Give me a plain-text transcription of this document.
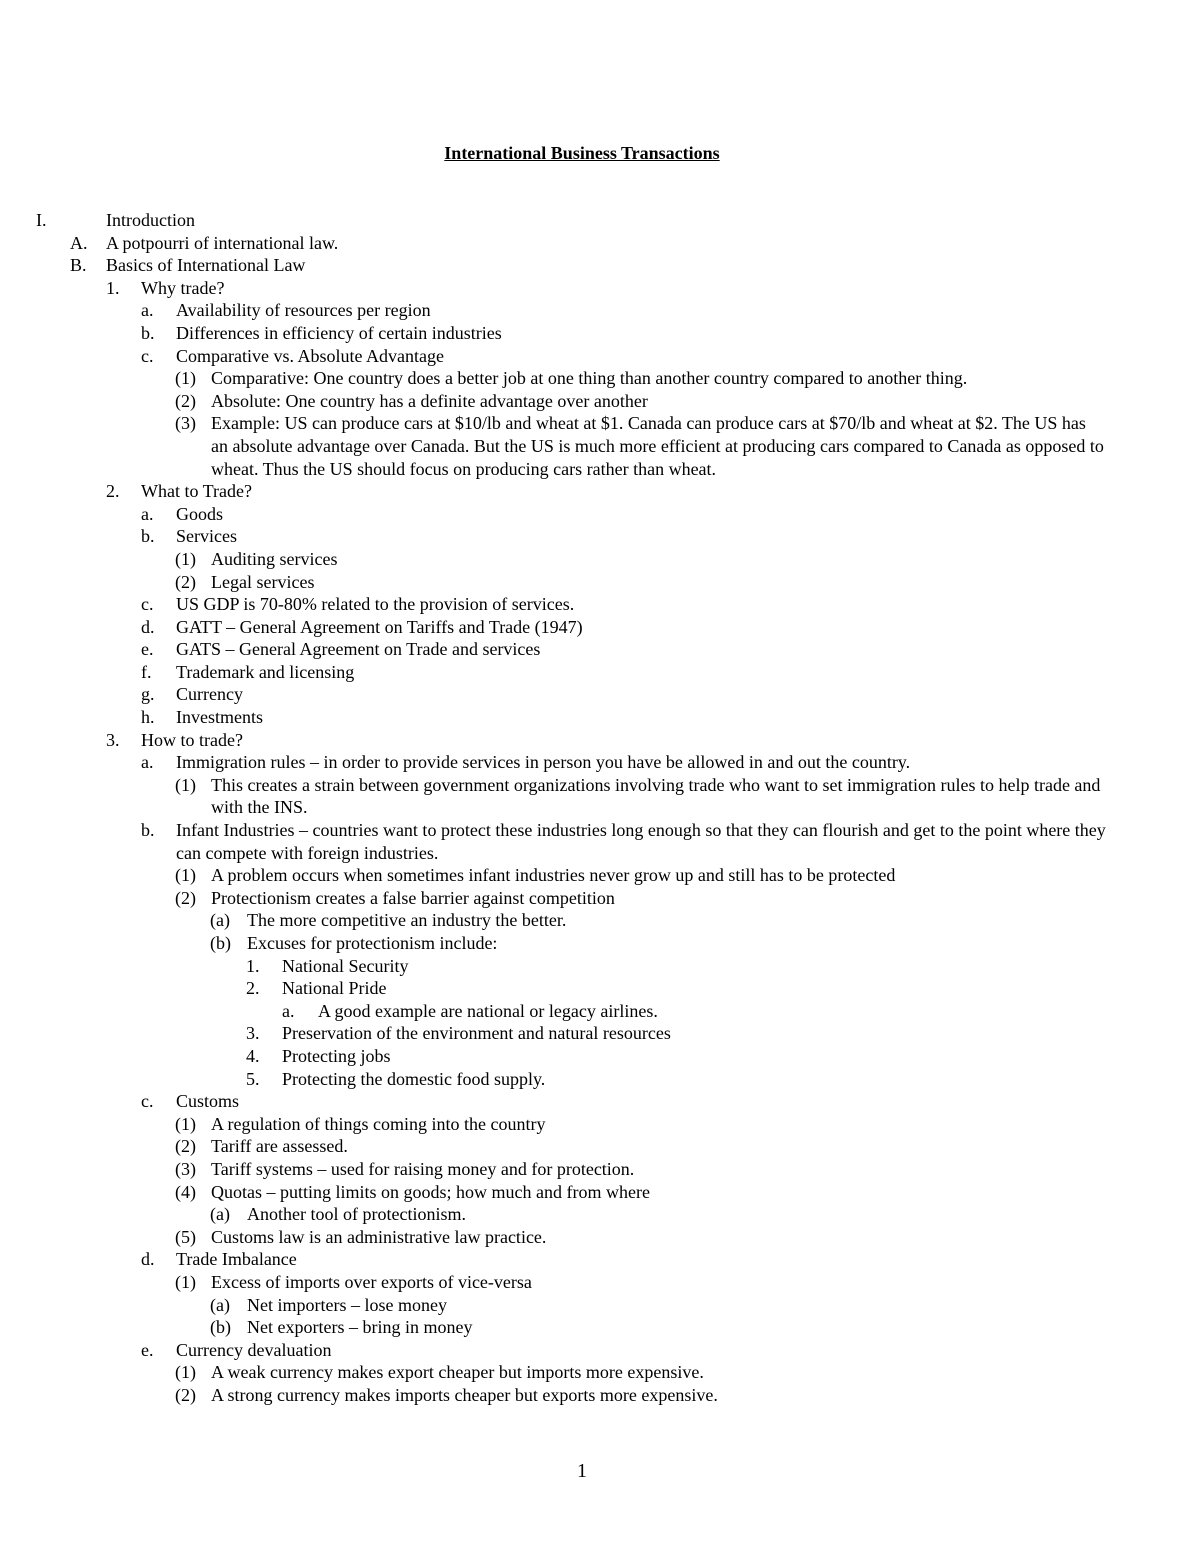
International Business Transactions
I.	Introduction
A. A potpourri of international law.
B. Basics of International Law
1. Why trade?
a. Availability of resources per region
b. Differences in efficiency of certain industries
c. Comparative vs. Absolute Advantage
(1) Comparative: One country does a better job at one thing than another country compared to another thing.
(2) Absolute: One country has a definite advantage over another
(3) Example: US can produce cars at $10/lb and wheat at $1. Canada can produce cars at $70/lb and wheat at $2. The US has an absolute advantage over Canada. But the US is much more efficient at producing cars compared to Canada as opposed to wheat. Thus the US should focus on producing cars rather than wheat.
2. What to Trade?
a. Goods
b. Services
(1) Auditing services
(2) Legal services
c. US GDP is 70-80% related to the provision of services.
d. GATT – General Agreement on Tariffs and Trade (1947)
e. GATS – General Agreement on Trade and services
f. Trademark and licensing
g. Currency
h. Investments
3. How to trade?
a. Immigration rules – in order to provide services in person you have be allowed in and out the country.
(1) This creates a strain between government organizations involving trade who want to set immigration rules to help trade and with the INS.
b. Infant Industries – countries want to protect these industries long enough so that they can flourish and get to the point where they can compete with foreign industries.
(1) A problem occurs when sometimes infant industries never grow up and still has to be protected
(2) Protectionism creates a false barrier against competition
(a) The more competitive an industry the better.
(b) Excuses for protectionism include:
1. National Security
2. National Pride
a. A good example are national or legacy airlines.
3. Preservation of the environment and natural resources
4. Protecting jobs
5. Protecting the domestic food supply.
c. Customs
(1) A regulation of things coming into the country
(2) Tariff are assessed.
(3) Tariff systems – used for raising money and for protection.
(4) Quotas – putting limits on goods; how much and from where
(a) Another tool of protectionism.
(5) Customs law is an administrative law practice.
d. Trade Imbalance
(1) Excess of imports over exports of vice-versa
(a) Net importers – lose money
(b) Net exporters – bring in money
e. Currency devaluation
(1) A weak currency makes export cheaper but imports more expensive.
(2) A strong currency makes imports cheaper but exports more expensive.
1
